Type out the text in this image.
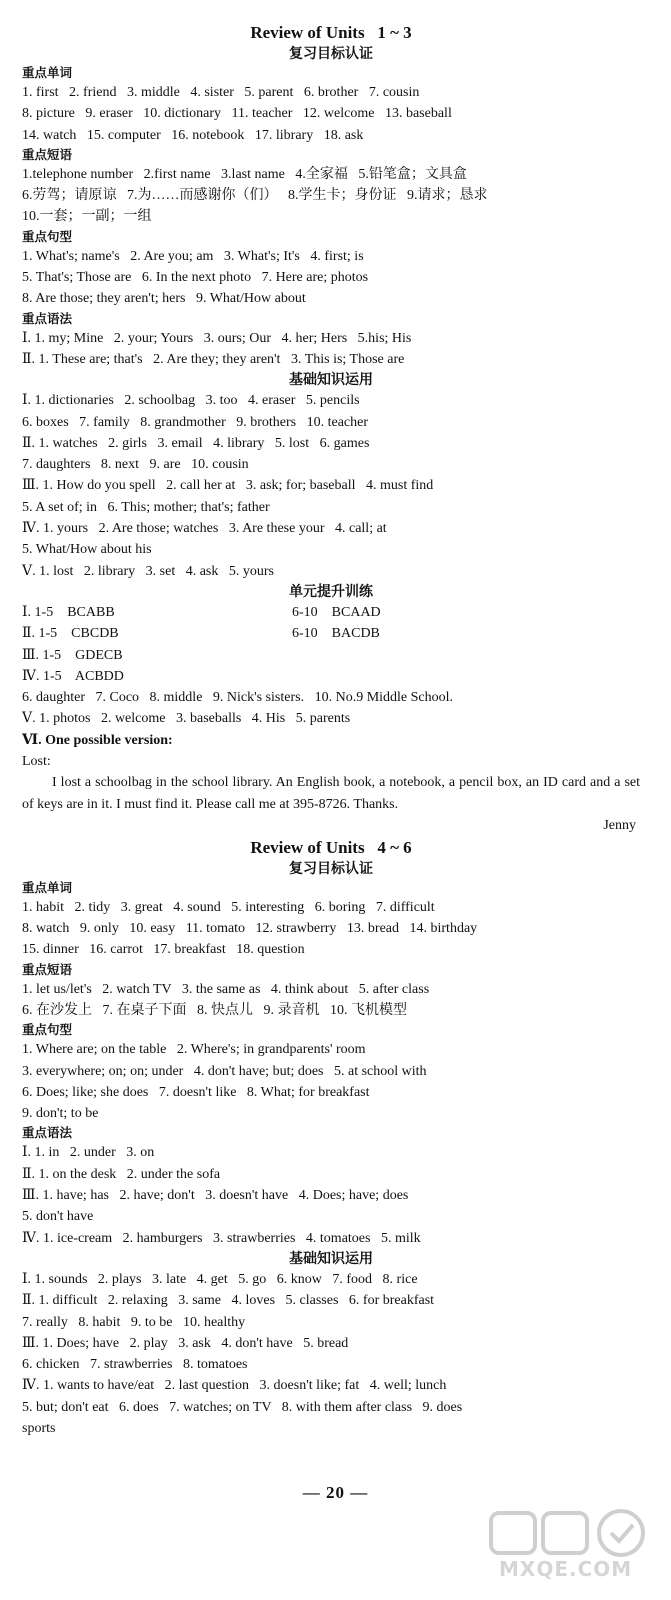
Review of Units   1 ~ 3
复习目标认证
重点单词
1. first   2. friend   3. middle   4. sister   5. parent   6. brother   7. cousin
8. picture   9. eraser   10. dictionary   11. teacher   12. welcome   13. baseball
14. watch   15. computer   16. notebook   17. library   18. ask
重点短语
1.telephone number   2.first name   3.last name   4.全家福   5.铅笔盒；文具盒
6.劳驾；请原谅   7.为……而感谢你（们）   8.学生卡；身份证   9.请求；恳求
10.一套；一副；一组
重点句型
1. What's; name's   2. Are you; am   3. What's; It's   4. first; is
5. That's; Those are   6. In the next photo   7. Here are; photos
8. Are those; they aren't; hers   9. What/How about
重点语法
Ⅰ. 1. my; Mine   2. your; Yours   3. ours; Our   4. her; Hers   5.his; His
Ⅱ. 1. These are; that's   2. Are they; they aren't   3. This is; Those are
基础知识运用
Ⅰ. 1. dictionaries   2. schoolbag   3. too   4. eraser   5. pencils
6. boxes   7. family   8. grandmother   9. brothers   10. teacher
Ⅱ. 1. watches   2. girls   3. email   4. library   5. lost   6. games
7. daughters   8. next   9. are   10. cousin
Ⅲ. 1. How do you spell   2. call her at   3. ask; for; baseball   4. must find
5. A set of; in   6. This; mother; that's; father
Ⅳ. 1. yours   2. Are those; watches   3. Are these your   4. call; at
5. What/How about his
Ⅴ. 1. lost   2. library   3. set   4. ask   5. yours
单元提升训练
Ⅰ. 1-5    BCABB	6-10    BCAAD
Ⅱ. 1-5    CBCDB	6-10    BACDB
Ⅲ. 1-5    GDECB
Ⅳ. 1-5    ACBDD
6. daughter   7. Coco   8. middle   9. Nick's sisters.   10. No.9 Middle School.
Ⅴ. 1. photos   2. welcome   3. baseballs   4. His   5. parents
Ⅵ. One possible version:
Lost:
I lost a schoolbag in the school library. An English book, a notebook, a pencil box, an ID card and a set of keys are in it. I must find it. Please call me at 395-8726. Thanks.
Jenny
Review of Units   4 ~ 6
复习目标认证
重点单词
1. habit   2. tidy   3. great   4. sound   5. interesting   6. boring   7. difficult
8. watch   9. only   10. easy   11. tomato   12. strawberry   13. bread   14. birthday
15. dinner   16. carrot   17. breakfast   18. question
重点短语
1. let us/let's   2. watch TV   3. the same as   4. think about   5. after class
6. 在沙发上   7. 在桌子下面   8. 快点儿   9. 录音机   10. 飞机模型
重点句型
1. Where are; on the table   2. Where's; in grandparents' room
3. everywhere; on; on; under   4. don't have; but; does   5. at school with
6. Does; like; she does   7. doesn't like   8. What; for breakfast
9. don't; to be
重点语法
Ⅰ. 1. in   2. under   3. on
Ⅱ. 1. on the desk   2. under the sofa
Ⅲ. 1. have; has   2. have; don't   3. doesn't have   4. Does; have; does
5. don't have
Ⅳ. 1. ice-cream   2. hamburgers   3. strawberries   4. tomatoes   5. milk
基础知识运用
Ⅰ. 1. sounds   2. plays   3. late   4. get   5. go   6. know   7. food   8. rice
Ⅱ. 1. difficult   2. relaxing   3. same   4. loves   5. classes   6. for breakfast
7. really   8. habit   9. to be   10. healthy
Ⅲ. 1. Does; have   2. play   3. ask   4. don't have   5. bread
6. chicken   7. strawberries   8. tomatoes
Ⅳ. 1. wants to have/eat   2. last question   3. doesn't like; fat   4. well; lunch
5. but; don't eat   6. does   7. watches; on TV   8. with them after class   9. does
sports
— 20 —
MXQE.COM
